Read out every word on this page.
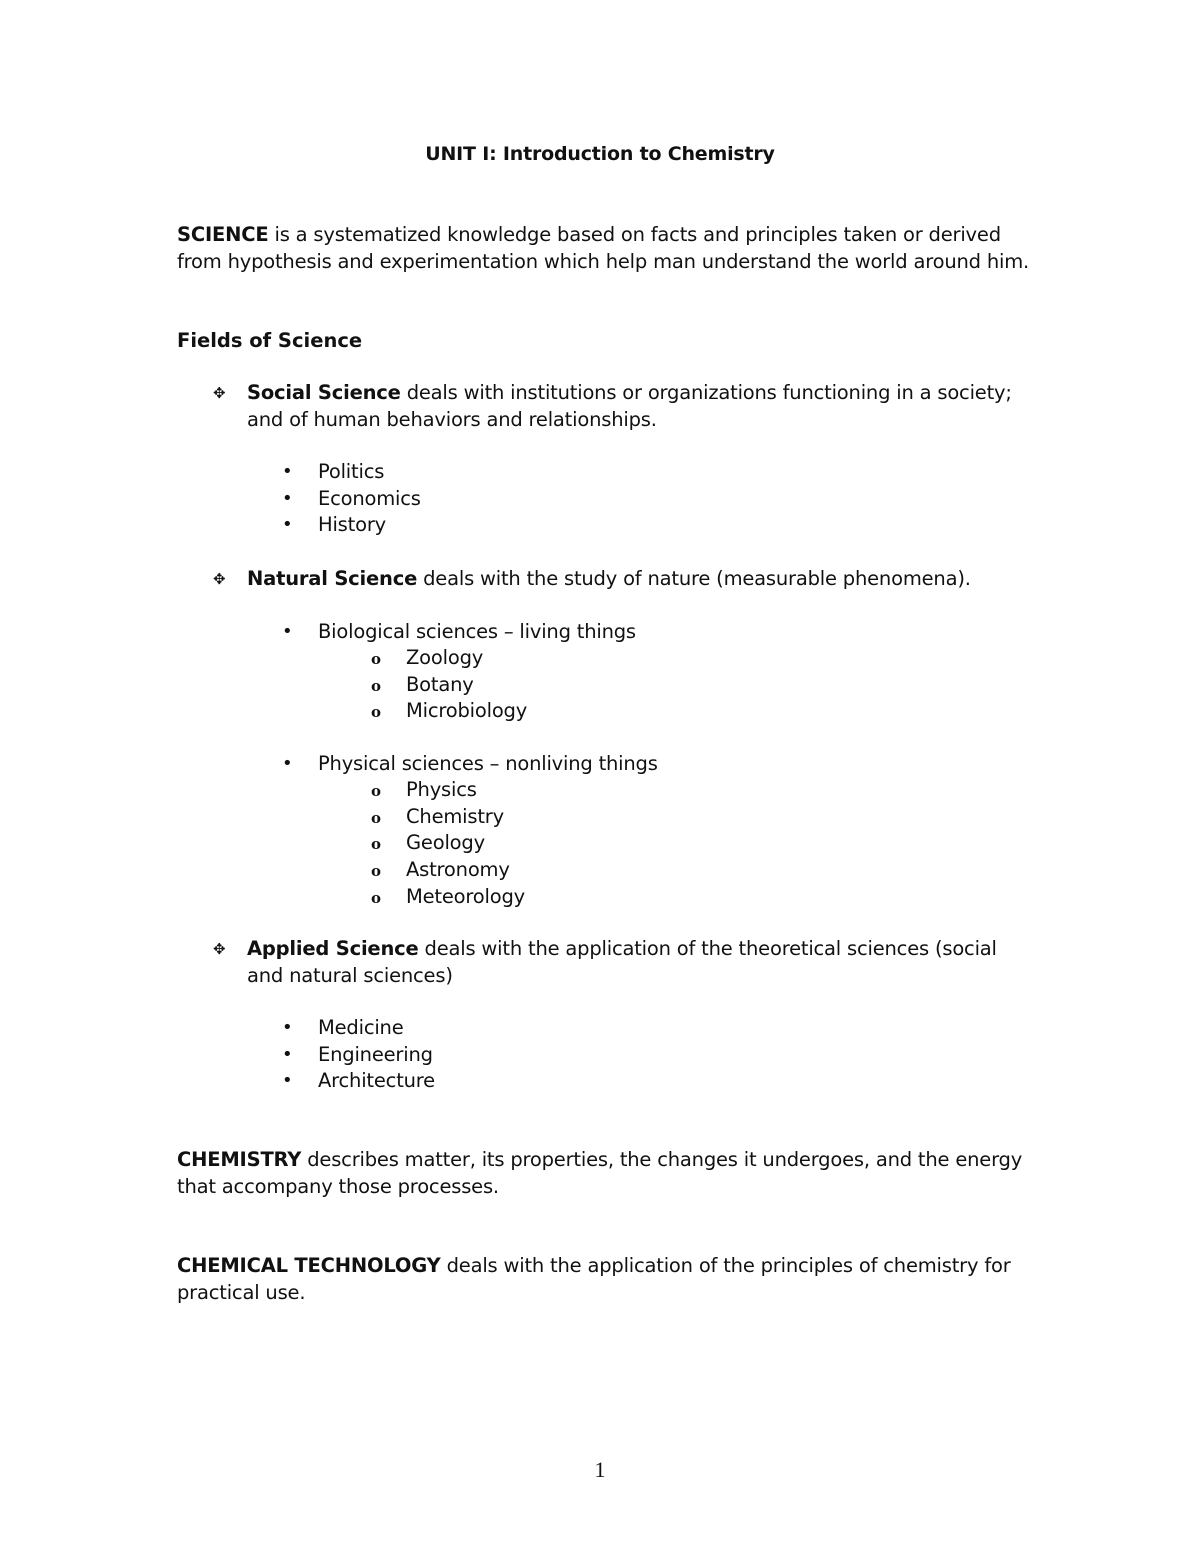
UNIT I: Introduction to Chemistry

SCIENCE is a systematized knowledge based on facts and principles taken or derived from hypothesis and experimentation which help man understand the world around him.

Fields of Science
✥	Social Science deals with institutions or organizations functioning in a society; and of human behaviors and relationships.
• Politics
• Economics
• History
✥	Natural Science deals with the study of nature (measurable phenomena).
• Biological sciences – living things
o Zoology
o Botany
o Microbiology
• Physical sciences – nonliving things
o Physics
o Chemistry
o Geology
o Astronomy
o Meteorology
✥	Applied Science deals with the application of the theoretical sciences (social and natural sciences)
• Medicine
• Engineering
• Architecture

CHEMISTRY describes matter, its properties, the changes it undergoes, and the energy that accompany those processes.

CHEMICAL TECHNOLOGY deals with the application of the principles of chemistry for practical use.

1
